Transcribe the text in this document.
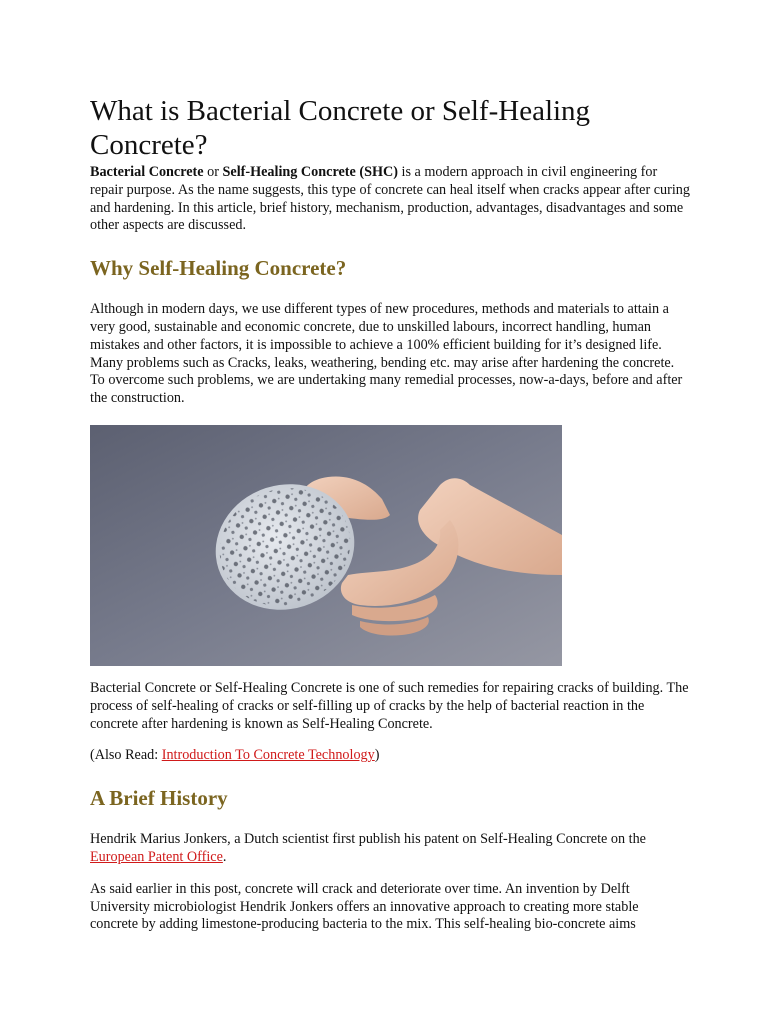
What is Bacterial Concrete or Self-Healing Concrete?

Bacterial Concrete or Self-Healing Concrete (SHC) is a modern approach in civil engineering for repair purpose. As the name suggests, this type of concrete can heal itself when cracks appear after curing and hardening. In this article, brief history, mechanism, production, advantages, disadvantages and some other aspects are discussed.

Why Self-Healing Concrete?

Although in modern days, we use different types of new procedures, methods and materials to attain a very good, sustainable and economic concrete, due to unskilled labours, incorrect handling, human mistakes and other factors, it is impossible to achieve a 100% efficient building for it’s designed life. Many problems such as Cracks, leaks, weathering, bending etc. may arise after hardening the concrete. To overcome such problems, we are undertaking many remedial processes, now-a-days, before and after the construction.

Bacterial Concrete or Self-Healing Concrete is one of such remedies for repairing cracks of building. The process of self-healing of cracks or self-filling up of cracks by the help of bacterial reaction in the concrete after hardening is known as Self-Healing Concrete.

(Also Read: Introduction To Concrete Technology)

A Brief History

Hendrik Marius Jonkers, a Dutch scientist first publish his patent on Self-Healing Concrete on the European Patent Office.

As said earlier in this post, concrete will crack and deteriorate over time. An invention by Delft University microbiologist Hendrik Jonkers offers an innovative approach to creating more stable concrete by adding limestone-producing bacteria to the mix. This self-healing bio-concrete aims
